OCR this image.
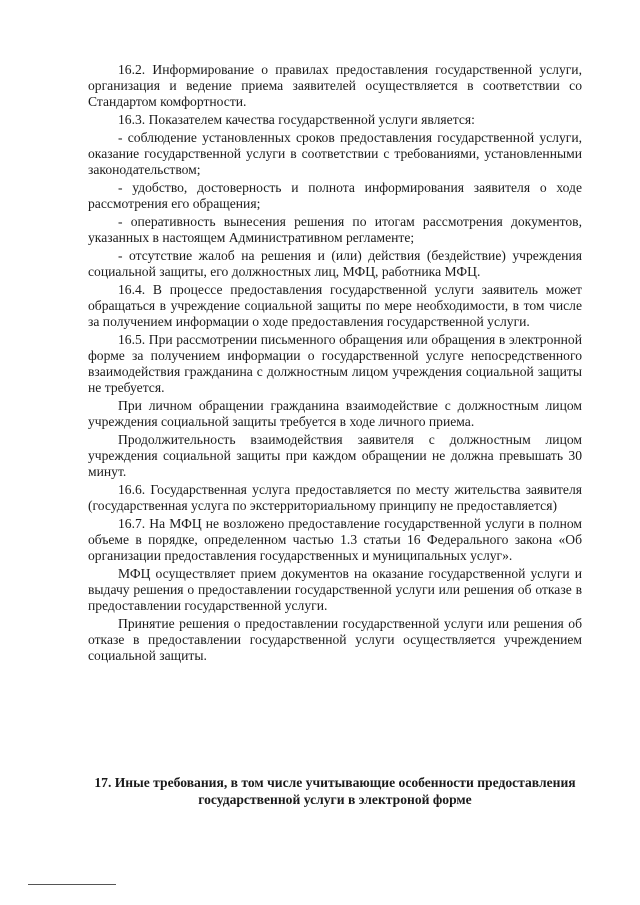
16.2. Информирование о правилах предоставления государственной услуги, организация и ведение приема заявителей осуществляется в соответствии со Стандартом комфортности.

16.3. Показателем качества государственной услуги является:

- соблюдение установленных сроков предоставления государственной услуги, оказание государственной услуги в соответствии с требованиями, установленными законодательством;

- удобство, достоверность и полнота информирования заявителя о ходе рассмотрения его обращения;

- оперативность вынесения решения по итогам рассмотрения документов, указанных в настоящем Административном регламенте;

- отсутствие жалоб на решения и (или) действия (бездействие) учреждения социальной защиты, его должностных лиц, МФЦ, работника МФЦ.

16.4. В процессе предоставления государственной услуги заявитель может обращаться в учреждение социальной защиты по мере необходимости, в том числе за получением информации о ходе предоставления государственной услуги.

16.5. При рассмотрении письменного обращения или обращения в электронной форме за получением информации о государственной услуге непосредственного взаимодействия гражданина с должностным лицом учреждения социальной защиты не требуется.

При личном обращении гражданина взаимодействие с должностным лицом учреждения социальной защиты требуется в ходе личного приема.

Продолжительность взаимодействия заявителя с должностным лицом учреждения социальной защиты при каждом обращении не должна превышать 30 минут.

16.6. Государственная услуга предоставляется по месту жительства заявителя (государственная услуга по экстерриториальному принципу не предоставляется)

16.7. На МФЦ не возложено предоставление государственной услуги в полном объеме в порядке, определенном частью 1.3 статьи 16 Федерального закона «Об организации предоставления государственных и муниципальных услуг».

МФЦ осуществляет прием документов на оказание государственной услуги и выдачу решения о предоставлении государственной услуги или решения об отказе в предоставлении государственной услуги.

Принятие решения о предоставлении государственной услуги или решения об отказе в предоставлении государственной услуги осуществляется учреждением социальной защиты.

17. Иные требования, в том числе учитывающие особенности предоставления государственной услуги в электроной форме
